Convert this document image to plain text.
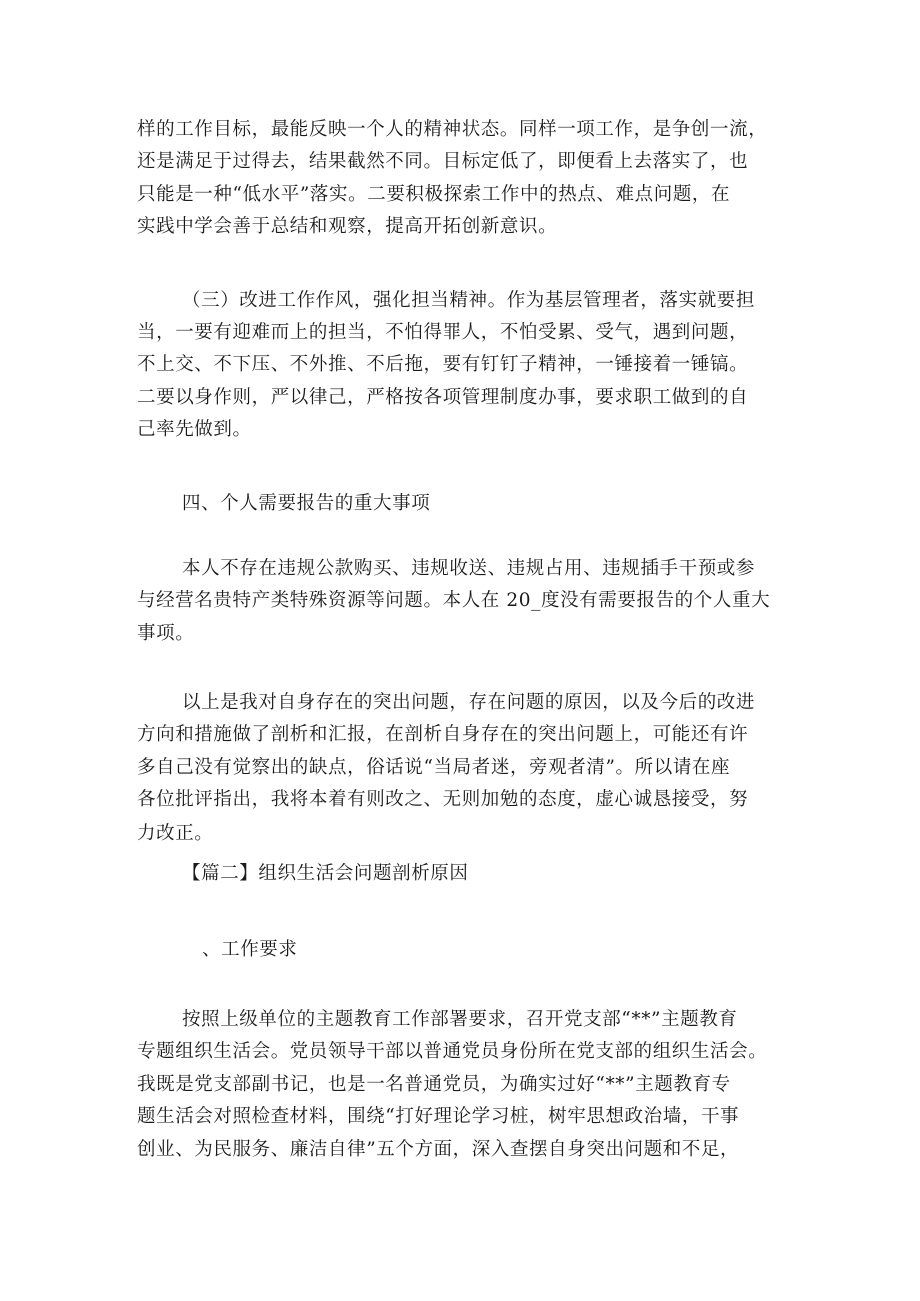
样的工作目标，最能反映一个人的精神状态。同样一项工作，是争创一流，
还是满足于过得去，结果截然不同。目标定低了，即便看上去落实了，也
只能是一种“低水平”落实。二要积极探索工作中的热点、难点问题，在
实践中学会善于总结和观察，提高开拓创新意识。
（三）改进工作作风，强化担当精神。作为基层管理者，落实就要担
当，一要有迎难而上的担当，不怕得罪人，不怕受累、受气，遇到问题，
不上交、不下压、不外推、不后拖，要有钉钉子精神，一锤接着一锤镐。
二要以身作则，严以律己，严格按各项管理制度办事，要求职工做到的自
己率先做到。
四、个人需要报告的重大事项
本人不存在违规公款购买、违规收送、违规占用、违规插手干预或参
与经营名贵特产类特殊资源等问题。本人在 20_度没有需要报告的个人重大
事项。
以上是我对自身存在的突出问题，存在问题的原因，以及今后的改进
方向和措施做了剖析和汇报，在剖析自身存在的突出问题上，可能还有许
多自己没有觉察出的缺点，俗话说“当局者迷，旁观者清”。所以请在座
各位批评指出，我将本着有则改之、无则加勉的态度，虚心诚恳接受，努
力改正。
【篇二】组织生活会问题剖析原因
、工作要求
按照上级单位的主题教育工作部署要求，召开党支部“**”主题教育
专题组织生活会。党员领导干部以普通党员身份所在党支部的组织生活会。
我既是党支部副书记，也是一名普通党员，为确实过好“**”主题教育专
题生活会对照检查材料，围绕“打好理论学习桩，树牢思想政治墙，干事
创业、为民服务、廉洁自律”五个方面，深入查摆自身突出问题和不足，
